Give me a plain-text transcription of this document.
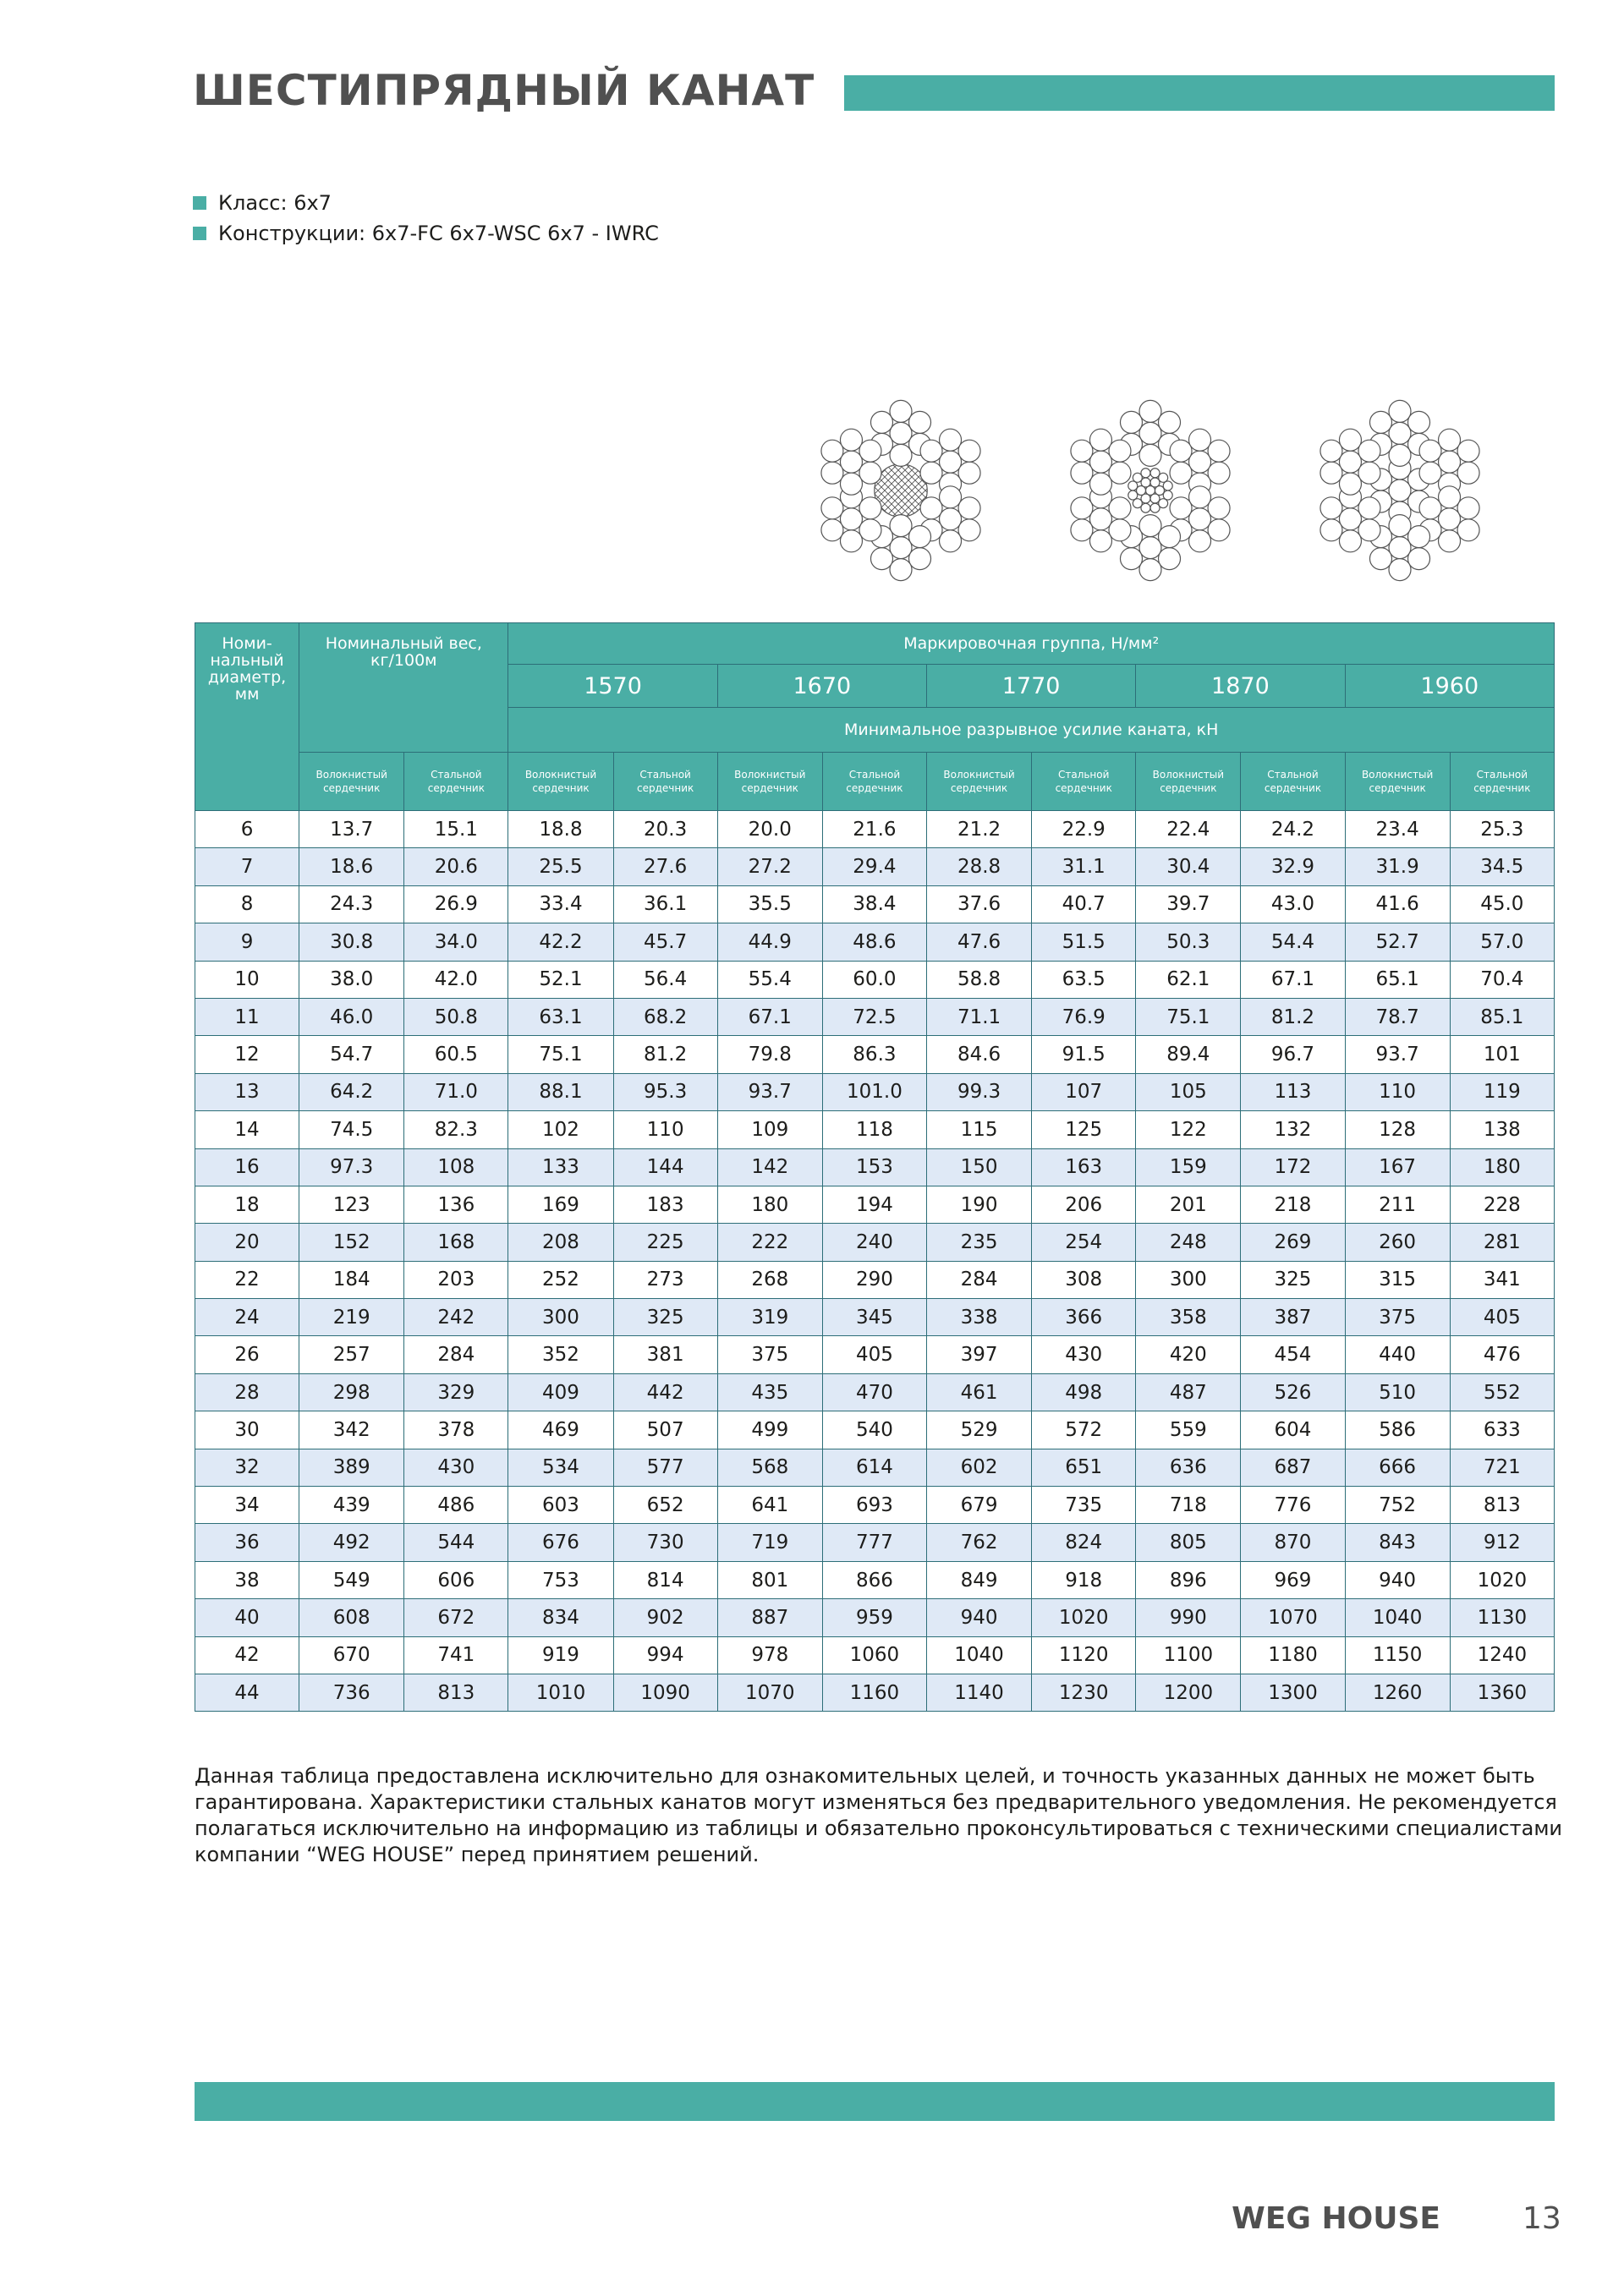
ШЕСТИПРЯДНЫЙ КАНАТ
Класс: 6x7
Конструкции: 6x7-FC 6x7-WSC 6x7 - IWRC
Номи-нальный диаметр, мм	Номинальный вес, кг/100м		Маркировочная группа, Н/мм²									
			1570		1670		1770		1870		1960	
			Минимальное разрывное усилие каната, кН									
	Волокнистый сердечник	Стальной сердечник	Волокнистый сердечник	Стальной сердечник	Волокнистый сердечник	Стальной сердечник	Волокнистый сердечник	Стальной сердечник	Волокнистый сердечник	Стальной сердечник	Волокнистый сердечник	Стальной сердечник
6	13.7	15.1	18.8	20.3	20.0	21.6	21.2	22.9	22.4	24.2	23.4	25.3
7	18.6	20.6	25.5	27.6	27.2	29.4	28.8	31.1	30.4	32.9	31.9	34.5
8	24.3	26.9	33.4	36.1	35.5	38.4	37.6	40.7	39.7	43.0	41.6	45.0
9	30.8	34.0	42.2	45.7	44.9	48.6	47.6	51.5	50.3	54.4	52.7	57.0
10	38.0	42.0	52.1	56.4	55.4	60.0	58.8	63.5	62.1	67.1	65.1	70.4
11	46.0	50.8	63.1	68.2	67.1	72.5	71.1	76.9	75.1	81.2	78.7	85.1
12	54.7	60.5	75.1	81.2	79.8	86.3	84.6	91.5	89.4	96.7	93.7	101
13	64.2	71.0	88.1	95.3	93.7	101.0	99.3	107	105	113	110	119
14	74.5	82.3	102	110	109	118	115	125	122	132	128	138
16	97.3	108	133	144	142	153	150	163	159	172	167	180
18	123	136	169	183	180	194	190	206	201	218	211	228
20	152	168	208	225	222	240	235	254	248	269	260	281
22	184	203	252	273	268	290	284	308	300	325	315	341
24	219	242	300	325	319	345	338	366	358	387	375	405
26	257	284	352	381	375	405	397	430	420	454	440	476
28	298	329	409	442	435	470	461	498	487	526	510	552
30	342	378	469	507	499	540	529	572	559	604	586	633
32	389	430	534	577	568	614	602	651	636	687	666	721
34	439	486	603	652	641	693	679	735	718	776	752	813
36	492	544	676	730	719	777	762	824	805	870	843	912
38	549	606	753	814	801	866	849	918	896	969	940	1020
40	608	672	834	902	887	959	940	1020	990	1070	1040	1130
42	670	741	919	994	978	1060	1040	1120	1100	1180	1150	1240
44	736	813	1010	1090	1070	1160	1140	1230	1200	1300	1260	1360

Данная таблица предоставлена исключительно для ознакомительных целей, и точность указанных данных не может быть гарантирована. Характеристики стальных канатов могут изменяться без предварительного уведомления. Не рекомендуется полагаться исключительно на информацию из таблицы и обязательно проконсультироваться с техническими специалистами компании “WEG HOUSE” перед принятием решений.

WEG HOUSE	13
